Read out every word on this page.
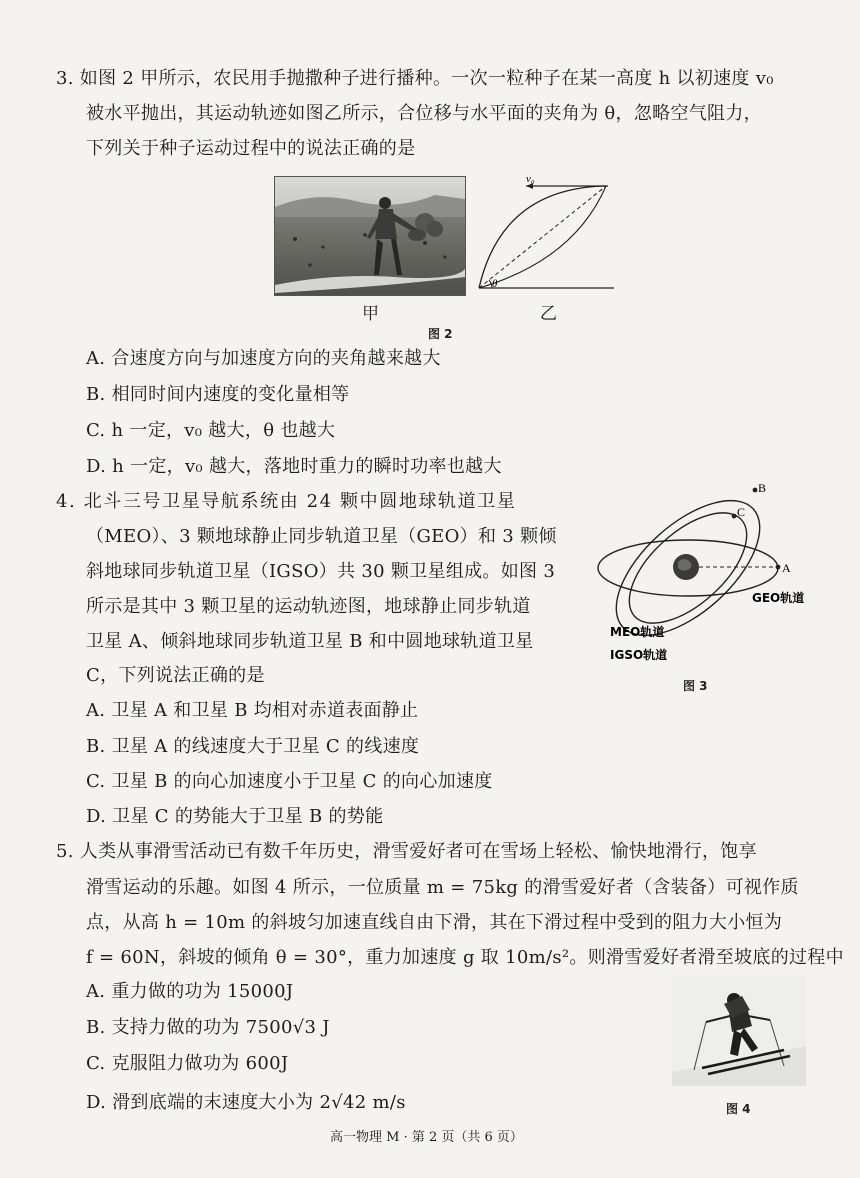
3. 如图 2 甲所示，农民用手抛撒种子进行播种。一次一粒种子在某一高度 h 以初速度 v₀
被水平抛出，其运动轨迹如图乙所示，合位移与水平面的夹角为 θ，忽略空气阻力，
下列关于种子运动过程中的说法正确的是
甲
v₀
θ
乙
图 2
A. 合速度方向与加速度方向的夹角越来越大
B. 相同时间内速度的变化量相等
C. h 一定，v₀ 越大，θ 也越大
D. h 一定，v₀ 越大，落地时重力的瞬时功率也越大
4. 北斗三号卫星导航系统由 24 颗中圆地球轨道卫星
（MEO）、3 颗地球静止同步轨道卫星（GEO）和 3 颗倾
斜地球同步轨道卫星（IGSO）共 30 颗卫星组成。如图 3
所示是其中 3 颗卫星的运动轨迹图，地球静止同步轨道
卫星 A、倾斜地球同步轨道卫星 B 和中圆地球轨道卫星
C，下列说法正确的是
A
B
C
GEO轨道
MEO轨道
IGSO轨道
图 3
A. 卫星 A 和卫星 B 均相对赤道表面静止
B. 卫星 A 的线速度大于卫星 C 的线速度
C. 卫星 B 的向心加速度小于卫星 C 的向心加速度
D. 卫星 C 的势能大于卫星 B 的势能
5. 人类从事滑雪活动已有数千年历史，滑雪爱好者可在雪场上轻松、愉快地滑行，饱享
滑雪运动的乐趣。如图 4 所示，一位质量 m = 75kg 的滑雪爱好者（含装备）可视作质
点，从高 h = 10m 的斜坡匀加速直线自由下滑，其在下滑过程中受到的阻力大小恒为
f = 60N，斜坡的倾角 θ = 30°，重力加速度 g 取 10m/s²。则滑雪爱好者滑至坡底的过程中
A. 重力做的功为 15000J
B. 支持力做的功为 7500√3 J
C. 克服阻力做功为 600J
D. 滑到底端的末速度大小为 2√42 m/s	图 4
高一物理 M · 第 2 页（共 6 页）
